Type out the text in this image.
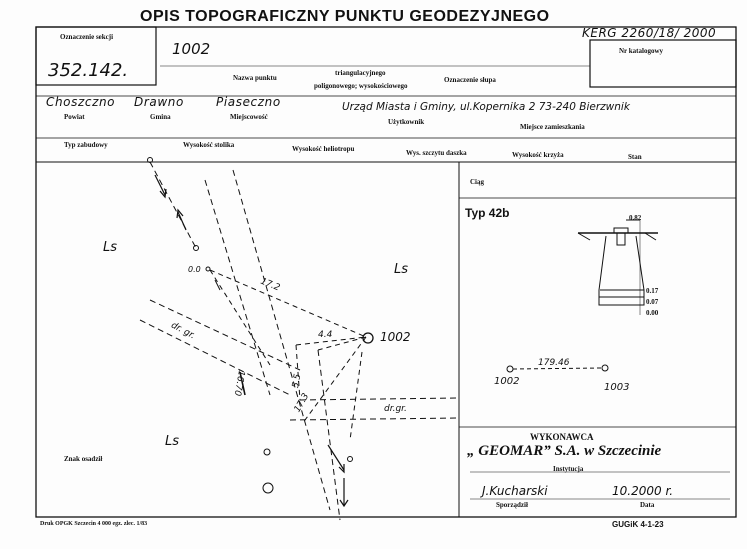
OPIS TOPOGRAFICZNY PUNKTU GEODEZYJNEGO
KERG 2260/18/ 2000
Oznaczenie sekcji
352.142.
1002
Nazwa punktu
triangulacyjnego
poligonowego; wysokościowego
Oznaczenie słupa
Nr katalogowy
Choszczno
Powiat
Drawno
Gmina
Piaseczno
Miejscowość
Urząd Miasta i Gminy, ul.Kopernika 2 73-240 Bierzwnik
Użytkownik
Miejsce zamieszkania
Typ zabudowy	Wysokość stolika	Wysokość heliotropu	Wys. szczytu daszka	Wysokość krzyża	Stan
Ls
Ls
Ls
1002
17.2
4.4
5.5
17.3
16.70
0.0
dr. gr.
dr.gr.
Znak osadził
Ciąg
Typ 42b	0.82
0.17
0.07
0.00
1002
1003
179.46
WYKONAWCA
„ GEOMAR” S.A. w Szczecinie
Instytucja
J.Kucharski
Sporządził
10.2000 r.
Data
Druk OPGK Szczecin 4 000 egz. zlec. 1/83	GUGiK 4-1-23
